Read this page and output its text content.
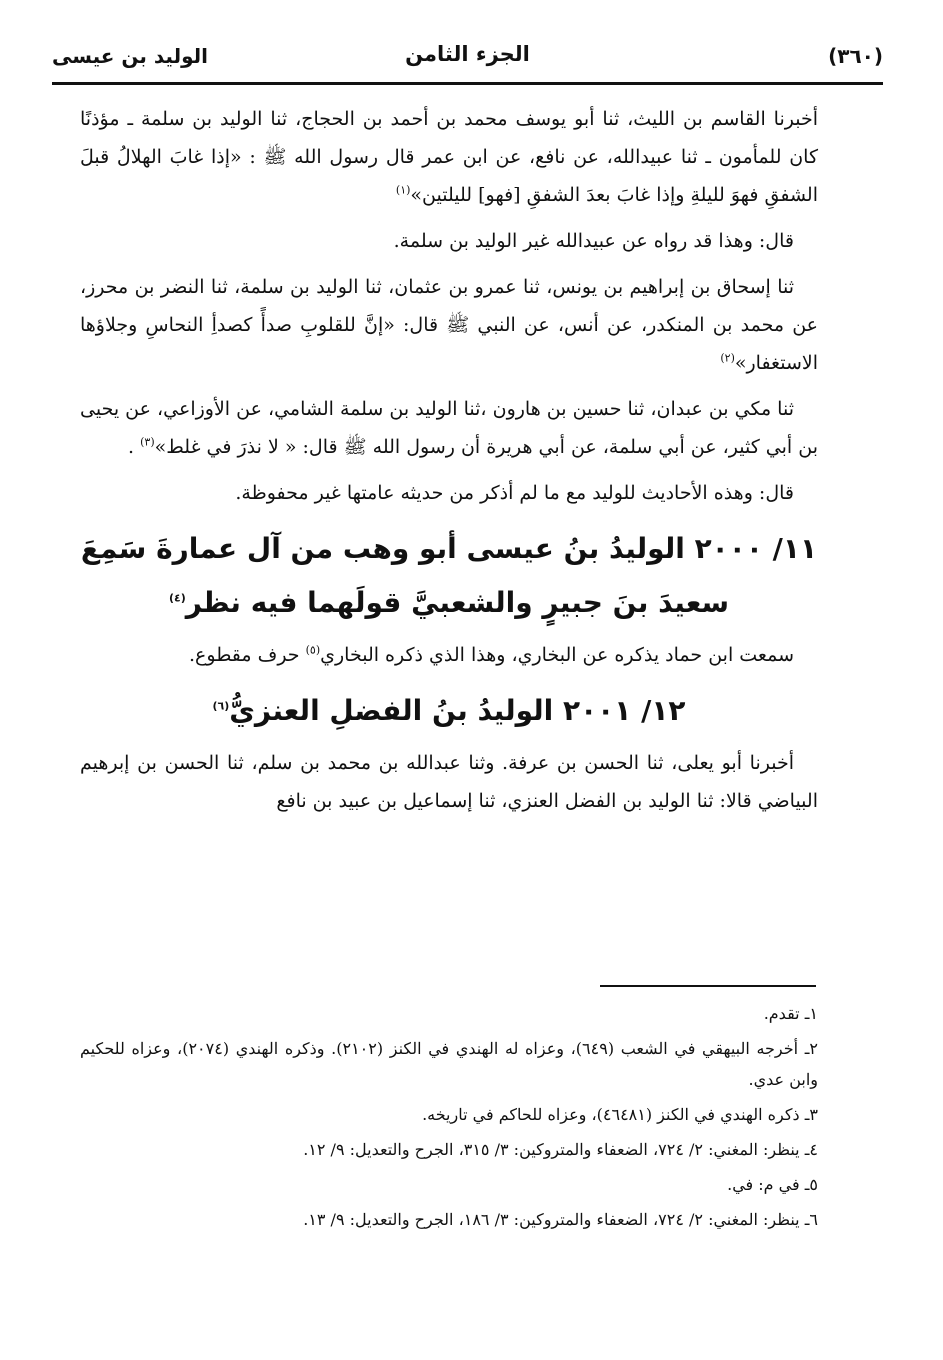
(٣٦٠)
الجزء الثامن
الوليد بن عيسى

أخبرنا القاسم بن الليث، ثنا أبو يوسف محمد بن أحمد بن الحجاج، ثنا الوليد بن سلمة ـ مؤذنًا كان للمأمون ـ ثنا عبيدالله، عن نافع، عن ابن عمر قال رسول الله ﷺ : «إذا غابَ الهلالُ قبلَ الشفقِ فهوَ لليلةِ وإذا غابَ بعدَ الشفقِ [فهو] لليلتين»$^{(١)}$

قال: وهذا قد رواه عن عبيدالله غير الوليد بن سلمة.

ثنا إسحاق بن إبراهيم بن يونس، ثنا عمرو بن عثمان، ثنا الوليد بن سلمة، ثنا النضر بن محرز، عن محمد بن المنكدر، عن أنس، عن النبي ﷺ قال: «إنَّ للقلوبِ صدأً كصدأِ النحاسِ وجلاؤها الاستغفار»$^{(٢)}$

ثنا مكي بن عبدان، ثنا حسين بن هارون ،ثنا الوليد بن سلمة الشامي، عن الأوزاعي، عن يحيى بن أبي كثير، عن أبي سلمة، عن أبي هريرة أن رسول الله ﷺ قال: « لا نذرَ في غلط»$^{(٣)}$ .

قال: وهذه الأحاديث للوليد مع ما لم أذكر من حديثه عامتها غير محفوظة.

١١/ ٢٠٠٠ الوليدُ بنُ عيسى أبو وهب من آل عمارةَ سَمِعَ
سعيدَ بنَ جبيرٍ والشعبيَّ قولَهما فيه نظر$^{(٤)}$

سمعت ابن حماد يذكره عن البخاري، وهذا الذي ذكره البخاري$^{(٥)}$ حرف مقطوع.

١٢/ ٢٠٠١ الوليدُ بنُ الفضلِ العنزيُّ$^{(٦)}$

أخبرنا أبو يعلى، ثنا الحسن بن عرفة. وثنا عبدالله بن محمد بن سلم، ثنا الحسن بن إبرهيم البياضي قالا: ثنا الوليد بن الفضل العنزي، ثنا إسماعيل بن عبيد بن نافع

١ـ تقدم.

٢ـ أخرجه البيهقي في الشعب (٦٤٩)، وعزاه له الهندي في الكنز (٢١٠٢). وذكره الهندي (٢٠٧٤)، وعزاه للحكيم وابن عدي.

٣ـ ذكره الهندي في الكنز (٤٦٤٨١)، وعزاه للحاكم في تاريخه.

٤ـ ينظر: المغني: ٢/ ٧٢٤، الضعفاء والمتروكين: ٣/ ٣١٥، الجرح والتعديل: ٩/ ١٢.

٥ـ في م: في.

٦ـ ينظر: المغني: ٢/ ٧٢٤، الضعفاء والمتروكين: ٣/ ١٨٦، الجرح والتعديل: ٩/ ١٣.
